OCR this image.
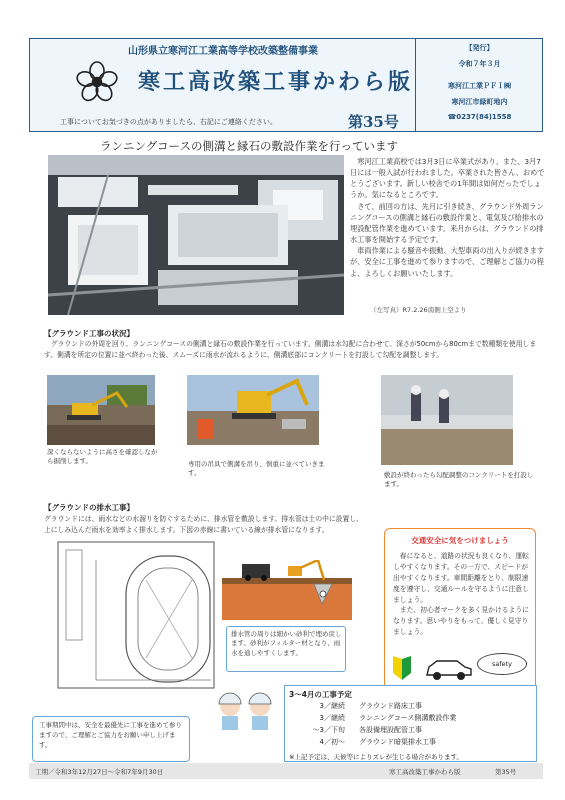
山形県立寒河江工業高等学校改築整備事業
寒工高改築工事かわら版
工事についてお気づきの点がありましたら、右記にご連絡ください。	第35号
【発行】
令和７年３月
寒河江工業ＰＦＩ㈱
寒河江市緑町地内
☎0237(84)1558
ランニングコースの側溝と縁石の敷設作業を行っています
　寒河江工業高校では3月3日に卒業式があり、また、3月7日には一般入試が行われました。卒業された皆さん、おめでとうございます。新しい校舎での1年間は如何だったでしょうか。気になるところです。
　さて、前回の方は、先月に引き続き、グラウンド外周ランニングコースの側溝と縁石の敷設作業と、電気及び給排水の埋設配管作業を進めています。来月からは、グラウンドの排水工事を開始する予定です。
　車両作業による騒音や振動、大型車両の出入りが続きますが、安全に工事を進めて参りますので、ご理解とご協力の程よ、よろしくお願いいたします。
（左写真）R7.2.26南側上空より
【グラウンド工事の状況】
　グラウンドの外周を回り、ランニングコースの側溝と縁石の敷設作業を行っています。側溝は水勾配に合わせて、深さが50cmから80cmまで数種類を使用します。側溝を所定の位置に並べ終わった後、スムーズに雨水が流れるように、側溝底部にコンクリートを打設して勾配を調整します。
深くならないように高さを確認しながら掘削します。	専用の吊具で側溝を吊り、慎重に並べていきます。	敷設が終わったら勾配調整のコンクリートを打設します。
【グラウンドの排水工事】
グラウンドには、雨水などの水溜りを防ぐするために、排水管を敷設します。排水管は土の中に設置し、上にしみ込んだ雨水を効率よく排水します。下図の赤線に書いている線が排水管になります。
排水管の周りは細かい砂利で埋め戻します。砂利がフィルター材となり、雨水を通しやすくします。
交通安全に気をつけましょう
　春になると、道路の状況も良くなり、運転しやすくなります。その一方で、スピードが出やすくなります。車間距離をとり、制限速度を遵守し、交通ルールを守るように注意しましょう。
　また、初心者マークを多く見かけるようになります。思いやりをもって、優しく見守りましょう。
safety
工事期間中は、安全を最優先に工事を進めて参りますので、ご理解とご協力をお願い申し上げます。
3～4月の工事予定
3／継続 グラウンド路床工事
3／継続 ランニングコース側溝敷設作業
～3／下旬 各設備埋設配管工事
4／初～ グラウンド暗渠排水工事
※上記予定は、天候等によりズレが生じる場合があります。
工期／令和3年12月27日～令和7年9月30日	寒工高改築工事かわら版	第35号
